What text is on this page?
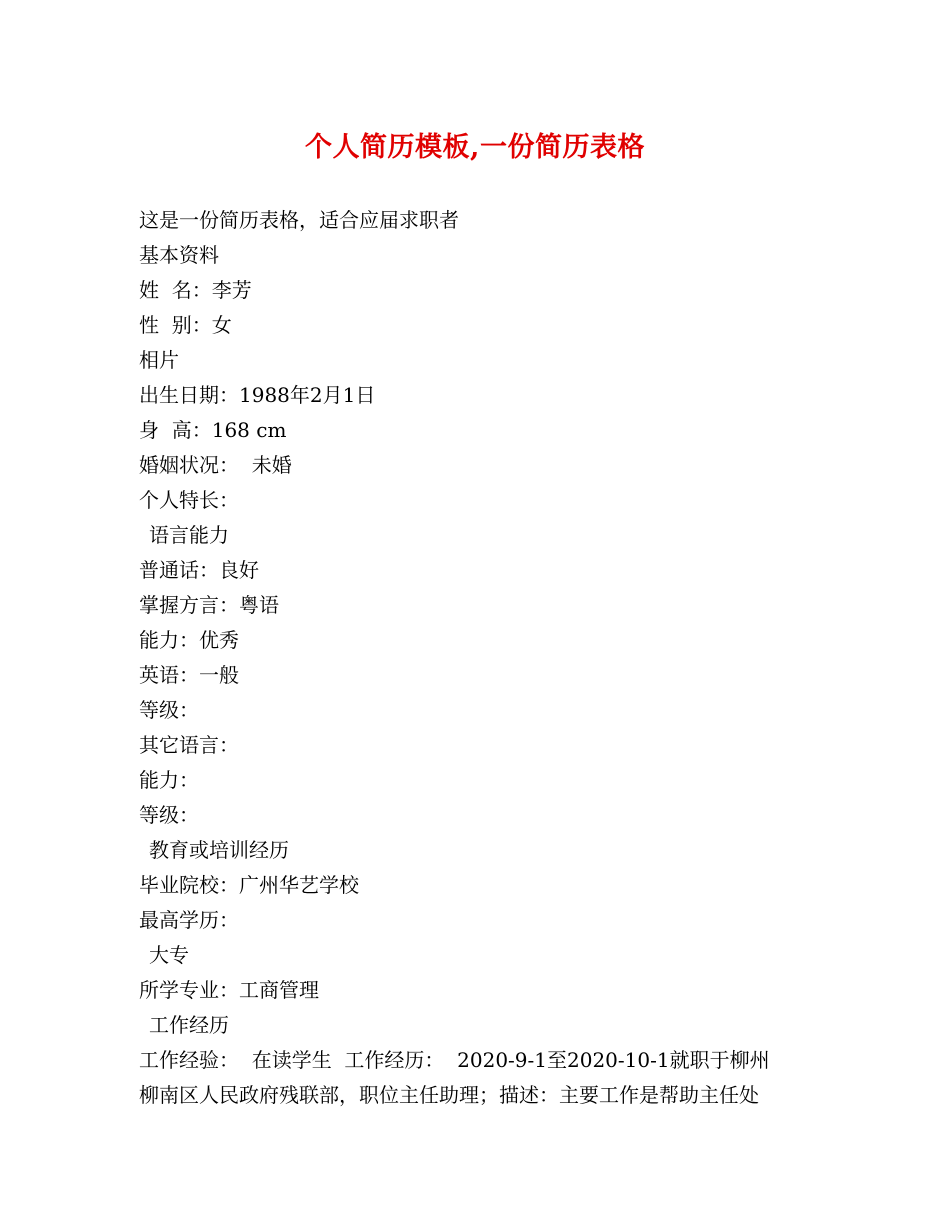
个人简历模板,一份简历表格
这是一份简历表格，适合应届求职者
基本资料
姓  名：李芳
性  别：女
相片
出生日期：1988年2月1日
身  高：168 cm
婚姻状况：  未婚
个人特长：
语言能力
普通话：良好
掌握方言：粤语
能力：优秀
英语：一般
等级：
其它语言：
能力：
等级：
教育或培训经历
毕业院校：广州华艺学校
最高学历：
大专
所学专业：工商管理
工作经历
工作经验：  在读学生  工作经历：  2020-9-1至2020-10-1就职于柳州
柳南区人民政府残联部，职位主任助理；描述：主要工作是帮助主任处
